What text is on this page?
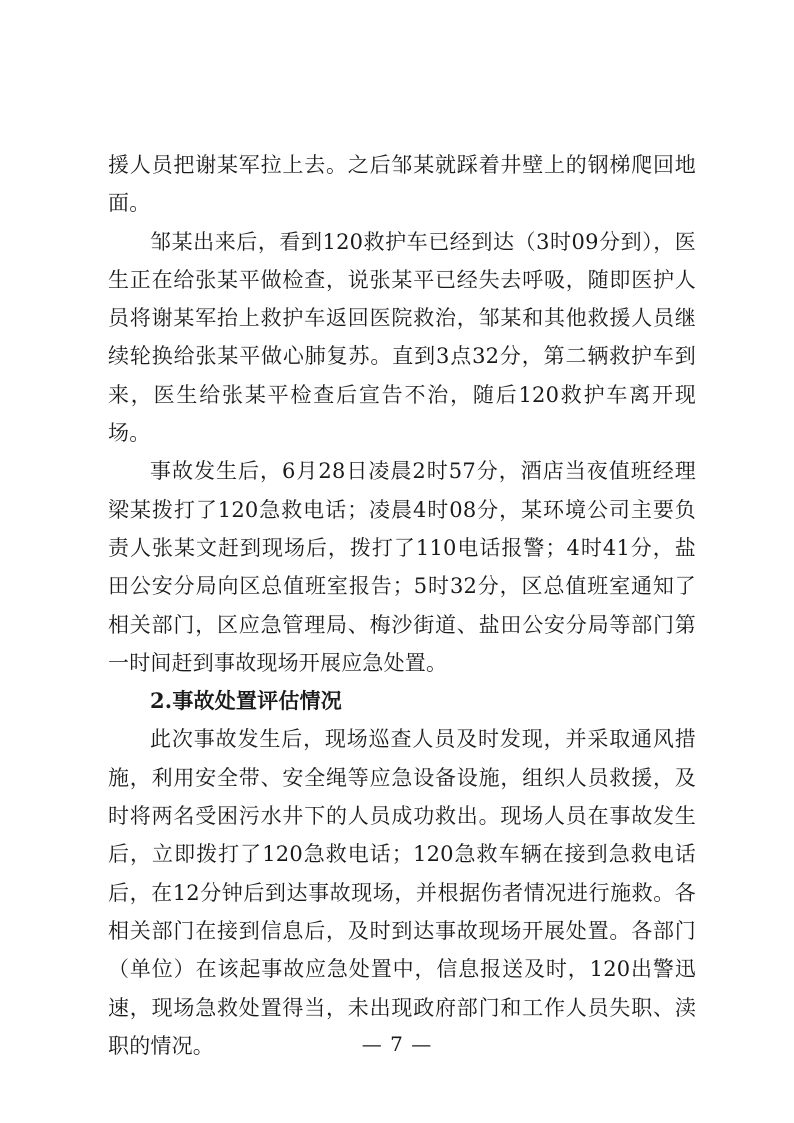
援人员把谢某军拉上去。之后邹某就踩着井壁上的钢梯爬回地面。

邹某出来后，看到120救护车已经到达（3时09分到），医生正在给张某平做检查，说张某平已经失去呼吸，随即医护人员将谢某军抬上救护车返回医院救治，邹某和其他救援人员继续轮换给张某平做心肺复苏。直到3点32分，第二辆救护车到来，医生给张某平检查后宣告不治，随后120救护车离开现场。

事故发生后，6月28日凌晨2时57分，酒店当夜值班经理梁某拨打了120急救电话；凌晨4时08分，某环境公司主要负责人张某文赶到现场后，拨打了110电话报警；4时41分，盐田公安分局向区总值班室报告；5时32分，区总值班室通知了相关部门，区应急管理局、梅沙街道、盐田公安分局等部门第一时间赶到事故现场开展应急处置。

2.事故处置评估情况

此次事故发生后，现场巡查人员及时发现，并采取通风措施，利用安全带、安全绳等应急设备设施，组织人员救援，及时将两名受困污水井下的人员成功救出。现场人员在事故发生后，立即拨打了120急救电话；120急救车辆在接到急救电话后，在12分钟后到达事故现场，并根据伤者情况进行施救。各相关部门在接到信息后，及时到达事故现场开展处置。各部门（单位）在该起事故应急处置中，信息报送及时，120出警迅速，现场急救处置得当，未出现政府部门和工作人员失职、渎职的情况。	— 7 —
